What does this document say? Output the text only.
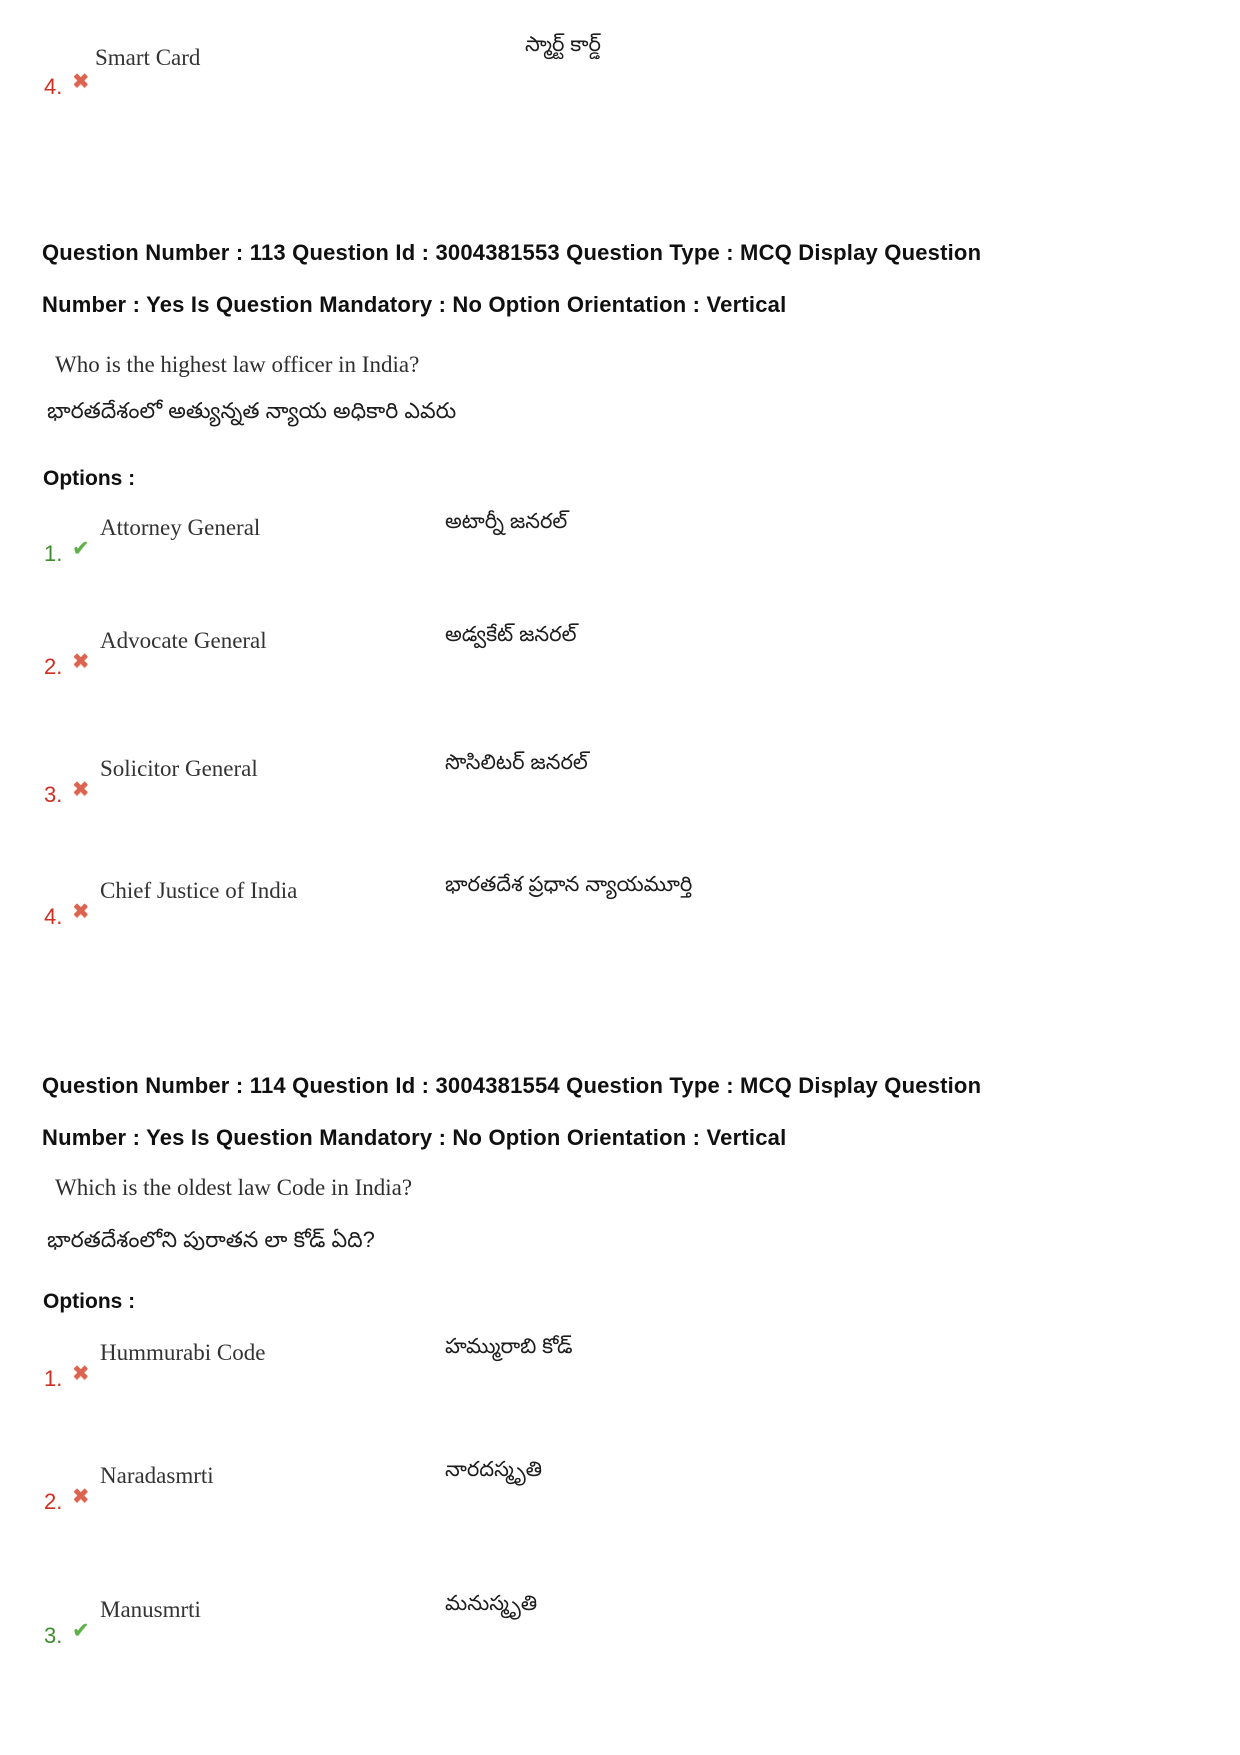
4. ✖
Smart Card
స్మార్ట్ కార్డ్
Question Number : 113 Question Id : 3004381553 Question Type : MCQ Display Question
Number : Yes Is Question Mandatory : No Option Orientation : Vertical
Who is the highest law officer in India?
భారతదేశంలో అత్యున్నత న్యాయ అధికారి ఎవరు
Options :
1. ✔
Attorney General	అటార్నీ జనరల్
2. ✖
Advocate General	అడ్వకేట్ జనరల్
3. ✖
Solicitor General	సొసిలిటర్ జనరల్
4. ✖
Chief Justice of India	భారతదేశ ప్రధాన న్యాయమూర్తి
Question Number : 114 Question Id : 3004381554 Question Type : MCQ Display Question
Number : Yes Is Question Mandatory : No Option Orientation : Vertical
Which is the oldest law Code in India?
భారతదేశంలోని పురాతన లా కోడ్ ఏది?
Options :
1. ✖
Hummurabi Code	హమ్మురాబి కోడ్
2. ✖
Naradasmrti	నారదస్మృతి
3. ✔
Manusmrti	మనుస్మృతి
